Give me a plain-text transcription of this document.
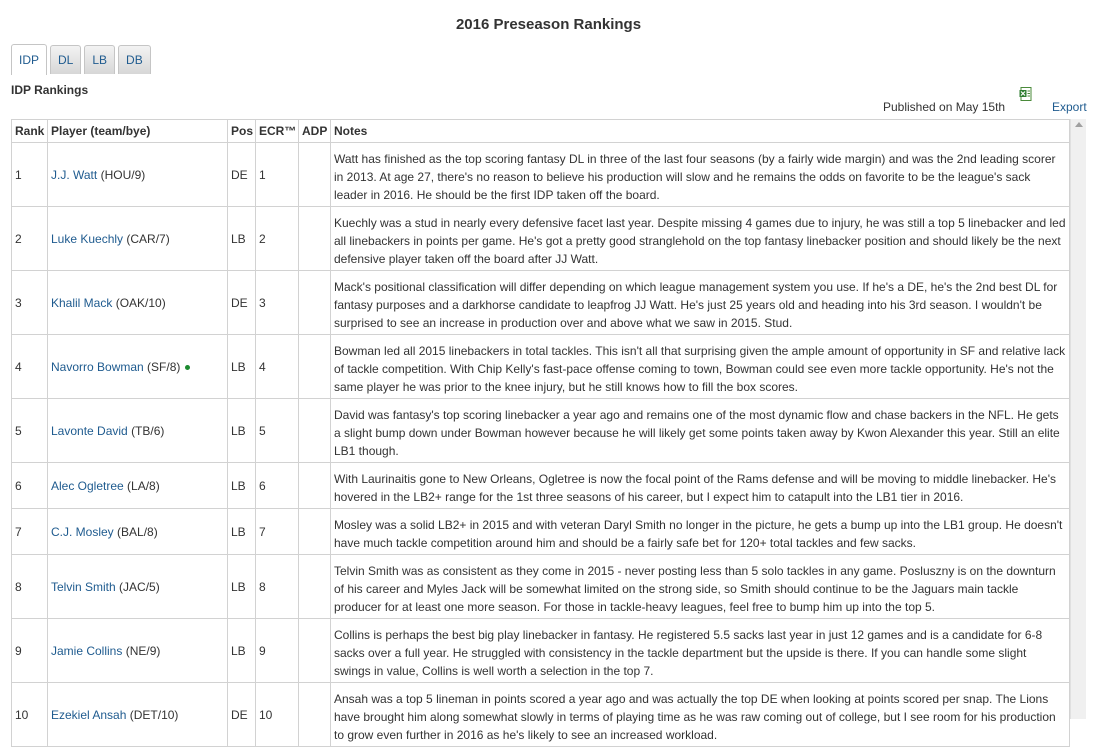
2016 Preseason Rankings
IDP	DL	LB	DB
IDP Rankings
Published on May 15th	Export
Rank	Player (team/bye)	Pos	ECR™	ADP	Notes
1	J.J. Watt (HOU/9)	DE	1		Watt has finished as the top scoring fantasy DL in three of the last four seasons (by a fairly wide margin) and was the 2nd leading scorer in 2013. At age 27, there's no reason to believe his production will slow and he remains the odds on favorite to be the league's sack leader in 2016. He should be the first IDP taken off the board.
2	Luke Kuechly (CAR/7)	LB	2		Kuechly was a stud in nearly every defensive facet last year. Despite missing 4 games due to injury, he was still a top 5 linebacker and led all linebackers in points per game. He's got a pretty good stranglehold on the top fantasy linebacker position and should likely be the next defensive player taken off the board after JJ Watt.
3	Khalil Mack (OAK/10)	DE	3		Mack's positional classification will differ depending on which league management system you use. If he's a DE, he's the 2nd best DL for fantasy purposes and a darkhorse candidate to leapfrog JJ Watt. He's just 25 years old and heading into his 3rd season. I wouldn't be surprised to see an increase in production over and above what we saw in 2015. Stud.
4	Navorro Bowman (SF/8)	LB	4		Bowman led all 2015 linebackers in total tackles. This isn't all that surprising given the ample amount of opportunity in SF and relative lack of tackle competition. With Chip Kelly's fast-pace offense coming to town, Bowman could see even more tackle opportunity. He's not the same player he was prior to the knee injury, but he still knows how to fill the box scores.
5	Lavonte David (TB/6)	LB	5		David was fantasy's top scoring linebacker a year ago and remains one of the most dynamic flow and chase backers in the NFL. He gets a slight bump down under Bowman however because he will likely get some points taken away by Kwon Alexander this year. Still an elite LB1 though.
6	Alec Ogletree (LA/8)	LB	6		With Laurinaitis gone to New Orleans, Ogletree is now the focal point of the Rams defense and will be moving to middle linebacker. He's hovered in the LB2+ range for the 1st three seasons of his career, but I expect him to catapult into the LB1 tier in 2016.
7	C.J. Mosley (BAL/8)	LB	7		Mosley was a solid LB2+ in 2015 and with veteran Daryl Smith no longer in the picture, he gets a bump up into the LB1 group. He doesn't have much tackle competition around him and should be a fairly safe bet for 120+ total tackles and few sacks.
8	Telvin Smith (JAC/5)	LB	8		Telvin Smith was as consistent as they come in 2015 - never posting less than 5 solo tackles in any game. Posluszny is on the downturn of his career and Myles Jack will be somewhat limited on the strong side, so Smith should continue to be the Jaguars main tackle producer for at least one more season. For those in tackle-heavy leagues, feel free to bump him up into the top 5.
9	Jamie Collins (NE/9)	LB	9		Collins is perhaps the best big play linebacker in fantasy. He registered 5.5 sacks last year in just 12 games and is a candidate for 6-8 sacks over a full year. He struggled with consistency in the tackle department but the upside is there. If you can handle some slight swings in value, Collins is well worth a selection in the top 7.
10	Ezekiel Ansah (DET/10)	DE	10		Ansah was a top 5 lineman in points scored a year ago and was actually the top DE when looking at points scored per snap. The Lions have brought him along somewhat slowly in terms of playing time as he was raw coming out of college, but I see room for his production to grow even further in 2016 as he's likely to see an increased workload.
